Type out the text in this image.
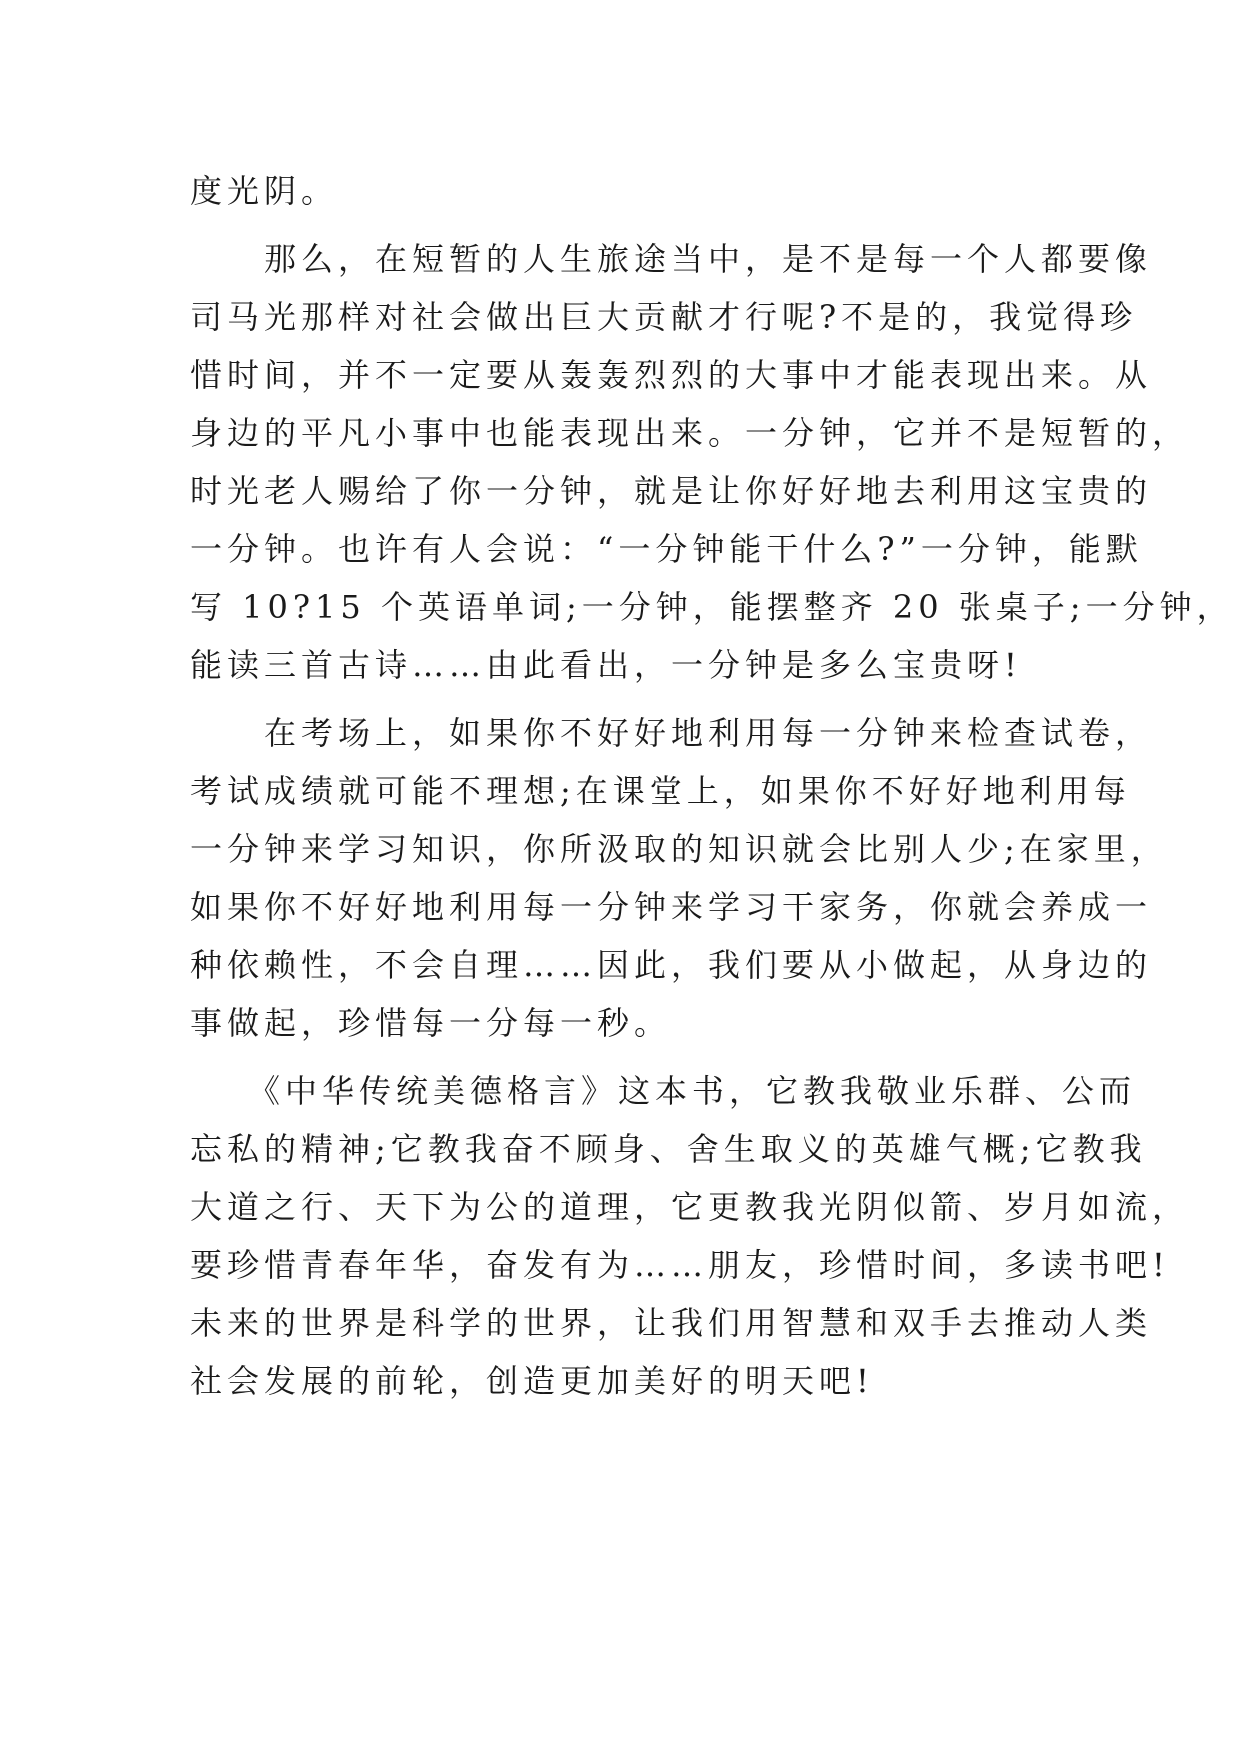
度光阴。
　　那么，在短暂的人生旅途当中，是不是每一个人都要像
司马光那样对社会做出巨大贡献才行呢?不是的，我觉得珍
惜时间，并不一定要从轰轰烈烈的大事中才能表现出来。从
身边的平凡小事中也能表现出来。一分钟，它并不是短暂的，
时光老人赐给了你一分钟，就是让你好好地去利用这宝贵的
一分钟。也许有人会说：“一分钟能干什么?”一分钟，能默
写 10?15 个英语单词;一分钟，能摆整齐 20 张桌子;一分钟，
能读三首古诗……由此看出，一分钟是多么宝贵呀!
　　在考场上，如果你不好好地利用每一分钟来检查试卷，
考试成绩就可能不理想;在课堂上，如果你不好好地利用每
一分钟来学习知识，你所汲取的知识就会比别人少;在家里，
如果你不好好地利用每一分钟来学习干家务，你就会养成一
种依赖性，不会自理……因此，我们要从小做起，从身边的
事做起，珍惜每一分每一秒。
　　《中华传统美德格言》这本书，它教我敬业乐群、公而
忘私的精神;它教我奋不顾身、舍生取义的英雄气概;它教我
大道之行、天下为公的道理，它更教我光阴似箭、岁月如流，
要珍惜青春年华，奋发有为……朋友，珍惜时间，多读书吧!
未来的世界是科学的世界，让我们用智慧和双手去推动人类
社会发展的前轮，创造更加美好的明天吧!
